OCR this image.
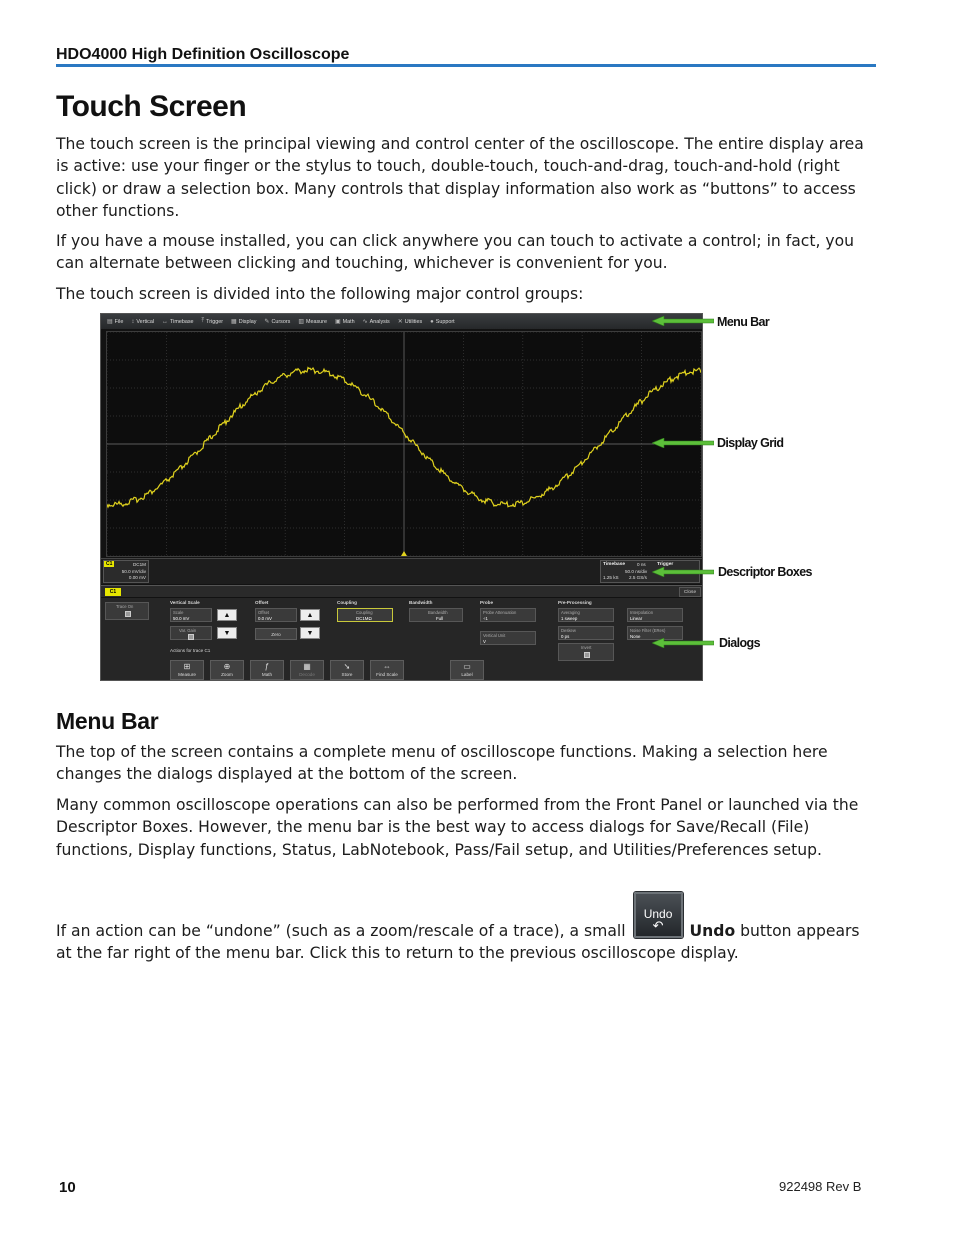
HDO4000 High Definition Oscilloscope
Touch Screen
The touch screen is the principal viewing and control center of the oscilloscope. The entire display area is active: use your finger or the stylus to touch, double-touch, touch-and-drag, touch-and-hold (right click) or draw a selection box. Many controls that display information also work as “buttons” to access other functions.
If you have a mouse installed, you can click anywhere you can touch to activate a control; in fact, you can alternate between clicking and touching, whichever is convenient for you.
The touch screen is divided into the following major control groups:
▤ File ↕ Vertical ↔ Timebase ⤒ Trigger ▦ Display ✎ Cursors ▥ Measure ▣ Math ∿ Analysis ✕ Utilities ● Support
C1	DC1M
50.0 mV/div
0.00 mV
Timebase	0 ns Trigger
50.0 ns/div
1.25 kS 2.5 GS/s
C1	Close
Trace On
Vertical Scale
Scale
50.0 mV	▲
Var. Gain	▼
Offset
Offset
0.0 mV	▲
Zero	▼
Coupling
Coupling
DC1MΩ
Bandwidth
Bandwidth
Full
Probe
Probe Attenuation
÷1
Vertical Unit
V
Pre-Processing
Averaging
1 sweep
Deskew
0 ps
Invert
Interpolation
Linear
Noise Filter (ERes)
None
Actions for trace C1
⊞
Measure
⊕
Zoom
ƒ
Math
▦
Decode
➘
Store
⇔
Find Scale
▭
Label
Menu Bar
Display Grid
Descriptor Boxes
Dialogs
Menu Bar
The top of the screen contains a complete menu of oscilloscope functions. Making a selection here changes the dialogs displayed at the bottom of the screen.
Many common oscilloscope operations can also be performed from the Front Panel or launched via the Descriptor Boxes. However, the menu bar is the best way to access dialogs for Save/Recall (File) functions, Display functions, Status, LabNotebook, Pass/Fail setup, and Utilities/Preferences setup.
If an action can be “undone” (such as a zoom/rescale of a trace), a small
Undo
↶	Undo button appears at the far right of the menu bar. Click this to return to the previous oscilloscope display.
10	922498 Rev B
